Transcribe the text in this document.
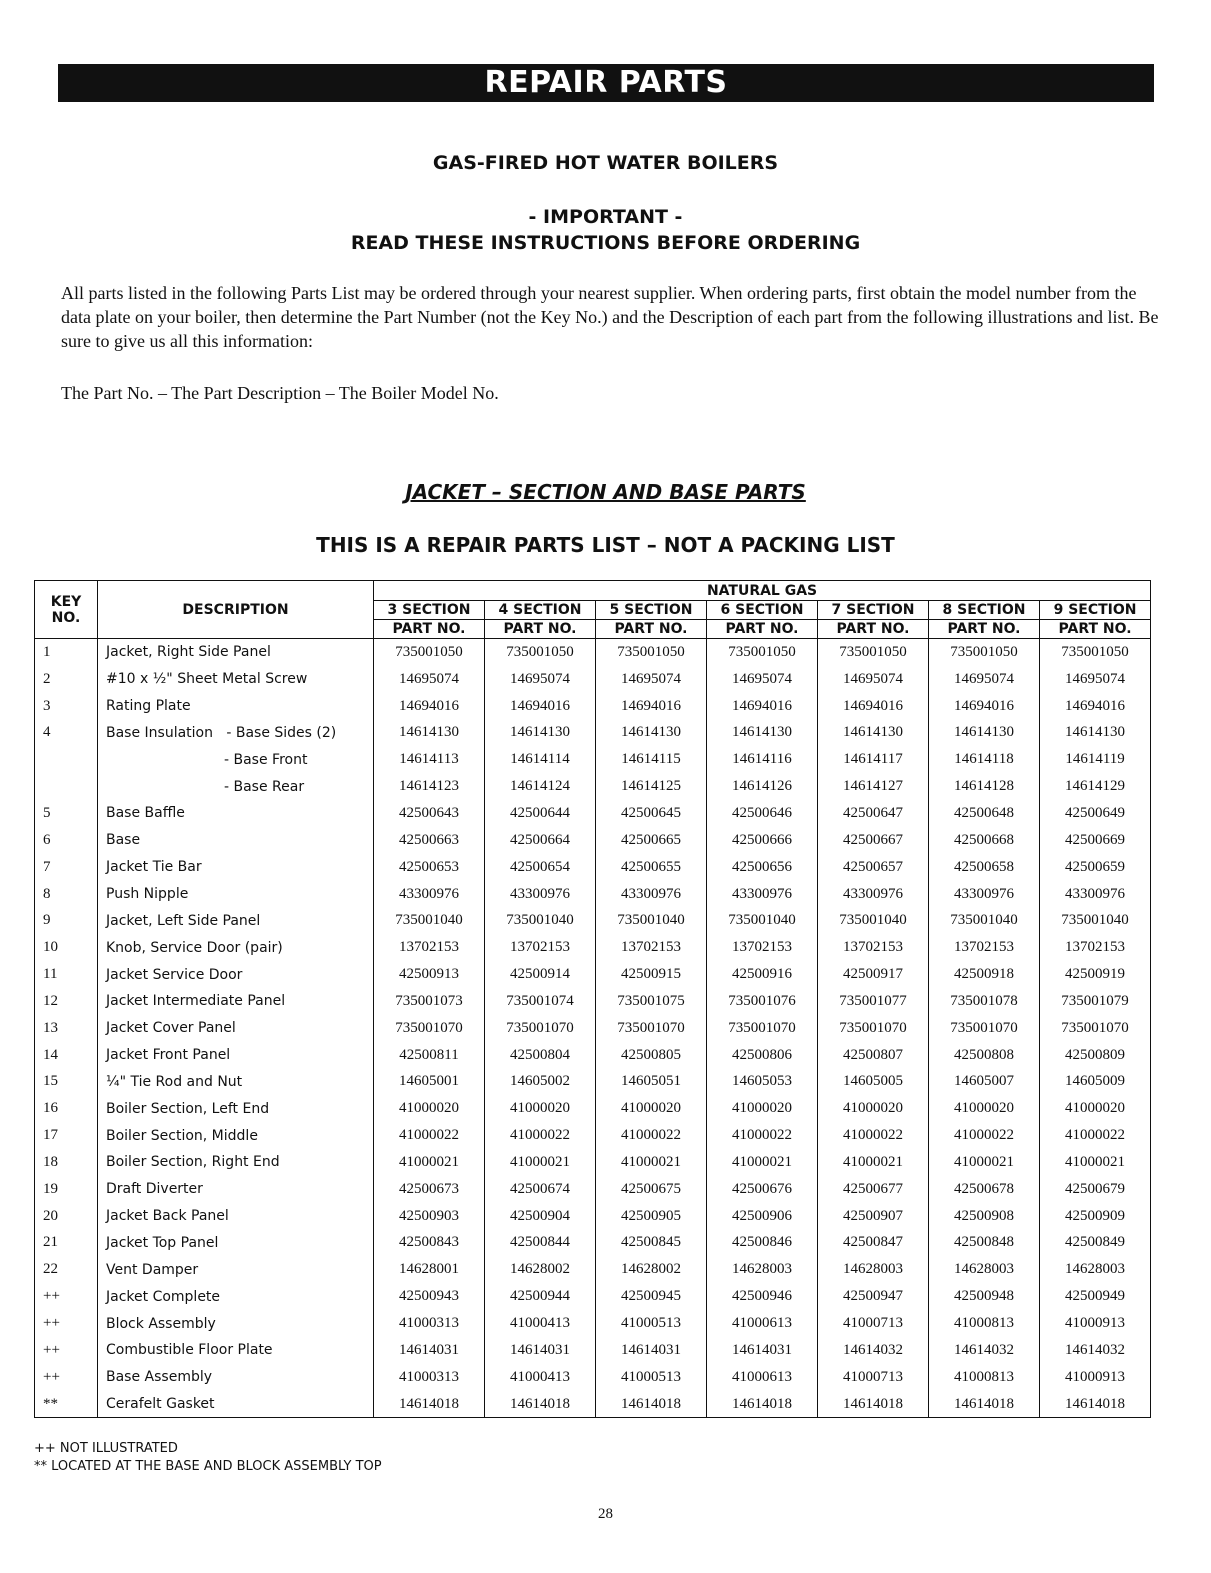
REPAIR PARTS
GAS-FIRED HOT WATER BOILERS
- IMPORTANT -
READ THESE INSTRUCTIONS BEFORE ORDERING
All parts listed in the following Parts List may be ordered through your nearest supplier. When ordering parts, first obtain the model number from the data plate on your boiler, then determine the Part Number (not the Key No.) and the Description of each part from the following illustrations and list. Be sure to give us all this information:
The Part No. – The Part Description – The Boiler Model No.
JACKET – SECTION AND BASE PARTS
THIS IS A REPAIR PARTS LIST – NOT A PACKING LIST
KEY NO.	DESCRIPTION	NATURAL GAS						
		3 SECTION	4 SECTION	5 SECTION	6 SECTION	7 SECTION	8 SECTION	9 SECTION
		PART NO.	PART NO.	PART NO.	PART NO.	PART NO.	PART NO.	PART NO.
1	Jacket, Right Side Panel	735001050	735001050	735001050	735001050	735001050	735001050	735001050
2	#10 x ½" Sheet Metal Screw	14695074	14695074	14695074	14695074	14695074	14695074	14695074
3	Rating Plate	14694016	14694016	14694016	14694016	14694016	14694016	14694016
4	Base Insulation   - Base Sides (2)	14614130	14614130	14614130	14614130	14614130	14614130	14614130
	- Base Front	14614113	14614114	14614115	14614116	14614117	14614118	14614119
	- Base Rear	14614123	14614124	14614125	14614126	14614127	14614128	14614129
5	Base Baffle	42500643	42500644	42500645	42500646	42500647	42500648	42500649
6	Base	42500663	42500664	42500665	42500666	42500667	42500668	42500669
7	Jacket Tie Bar	42500653	42500654	42500655	42500656	42500657	42500658	42500659
8	Push Nipple	43300976	43300976	43300976	43300976	43300976	43300976	43300976
9	Jacket, Left Side Panel	735001040	735001040	735001040	735001040	735001040	735001040	735001040
10	Knob, Service Door (pair)	13702153	13702153	13702153	13702153	13702153	13702153	13702153
11	Jacket Service Door	42500913	42500914	42500915	42500916	42500917	42500918	42500919
12	Jacket Intermediate Panel	735001073	735001074	735001075	735001076	735001077	735001078	735001079
13	Jacket Cover Panel	735001070	735001070	735001070	735001070	735001070	735001070	735001070
14	Jacket Front Panel	42500811	42500804	42500805	42500806	42500807	42500808	42500809
15	¼" Tie Rod and Nut	14605001	14605002	14605051	14605053	14605005	14605007	14605009
16	Boiler Section, Left End	41000020	41000020	41000020	41000020	41000020	41000020	41000020
17	Boiler Section, Middle	41000022	41000022	41000022	41000022	41000022	41000022	41000022
18	Boiler Section, Right End	41000021	41000021	41000021	41000021	41000021	41000021	41000021
19	Draft Diverter	42500673	42500674	42500675	42500676	42500677	42500678	42500679
20	Jacket Back Panel	42500903	42500904	42500905	42500906	42500907	42500908	42500909
21	Jacket Top Panel	42500843	42500844	42500845	42500846	42500847	42500848	42500849
22	Vent Damper	14628001	14628002	14628002	14628003	14628003	14628003	14628003
++	Jacket Complete	42500943	42500944	42500945	42500946	42500947	42500948	42500949
++	Block Assembly	41000313	41000413	41000513	41000613	41000713	41000813	41000913
++	Combustible Floor Plate	14614031	14614031	14614031	14614031	14614032	14614032	14614032
++	Base Assembly	41000313	41000413	41000513	41000613	41000713	41000813	41000913
**	Cerafelt Gasket	14614018	14614018	14614018	14614018	14614018	14614018	14614018
++ NOT ILLUSTRATED
** LOCATED AT THE BASE AND BLOCK ASSEMBLY TOP
28
